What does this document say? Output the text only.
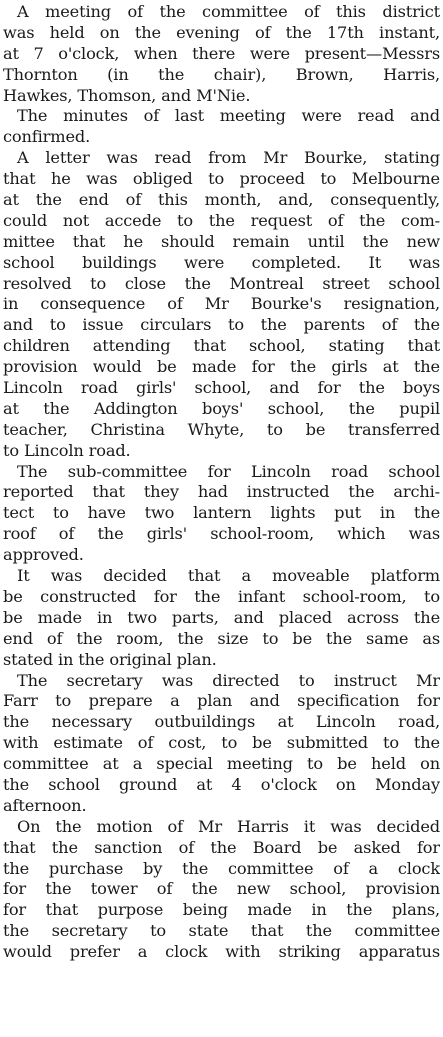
A meeting of the committee of this district
was held on the evening of the 17th instant,
at 7 o'clock, when there were present—Messrs
Thornton (in the chair), Brown, Harris,
Hawkes, Thomson, and M'Nie.
The minutes of last meeting were read and
confirmed.
A letter was read from Mr Bourke, stating
that he was obliged to proceed to Melbourne
at the end of this month, and, consequently,
could not accede to the request of the com-
mittee that he should remain until the new
school buildings were completed. It was
resolved to close the Montreal street school
in consequence of Mr Bourke's resignation,
and to issue circulars to the parents of the
children attending that school, stating that
provision would be made for the girls at the
Lincoln road girls' school, and for the boys
at the Addington boys' school, the pupil
teacher, Christina Whyte, to be transferred
to Lincoln road.
The sub-committee for Lincoln road school
reported that they had instructed the archi-
tect to have two lantern lights put in the
roof of the girls' school-room, which was
approved.
It was decided that a moveable platform
be constructed for the infant school-room, to
be made in two parts, and placed across the
end of the room, the size to be the same as
stated in the original plan.
The secretary was directed to instruct Mr
Farr to prepare a plan and specification for
the necessary outbuildings at Lincoln road,
with estimate of cost, to be submitted to the
committee at a special meeting to be held on
the school ground at 4 o'clock on Monday
afternoon.
On the motion of Mr Harris it was decided
that the sanction of the Board be asked for
the purchase by the committee of a clock
for the tower of the new school, provision
for that purpose being made in the plans,
the secretary to state that the committee
would prefer a clock with striking apparatus
